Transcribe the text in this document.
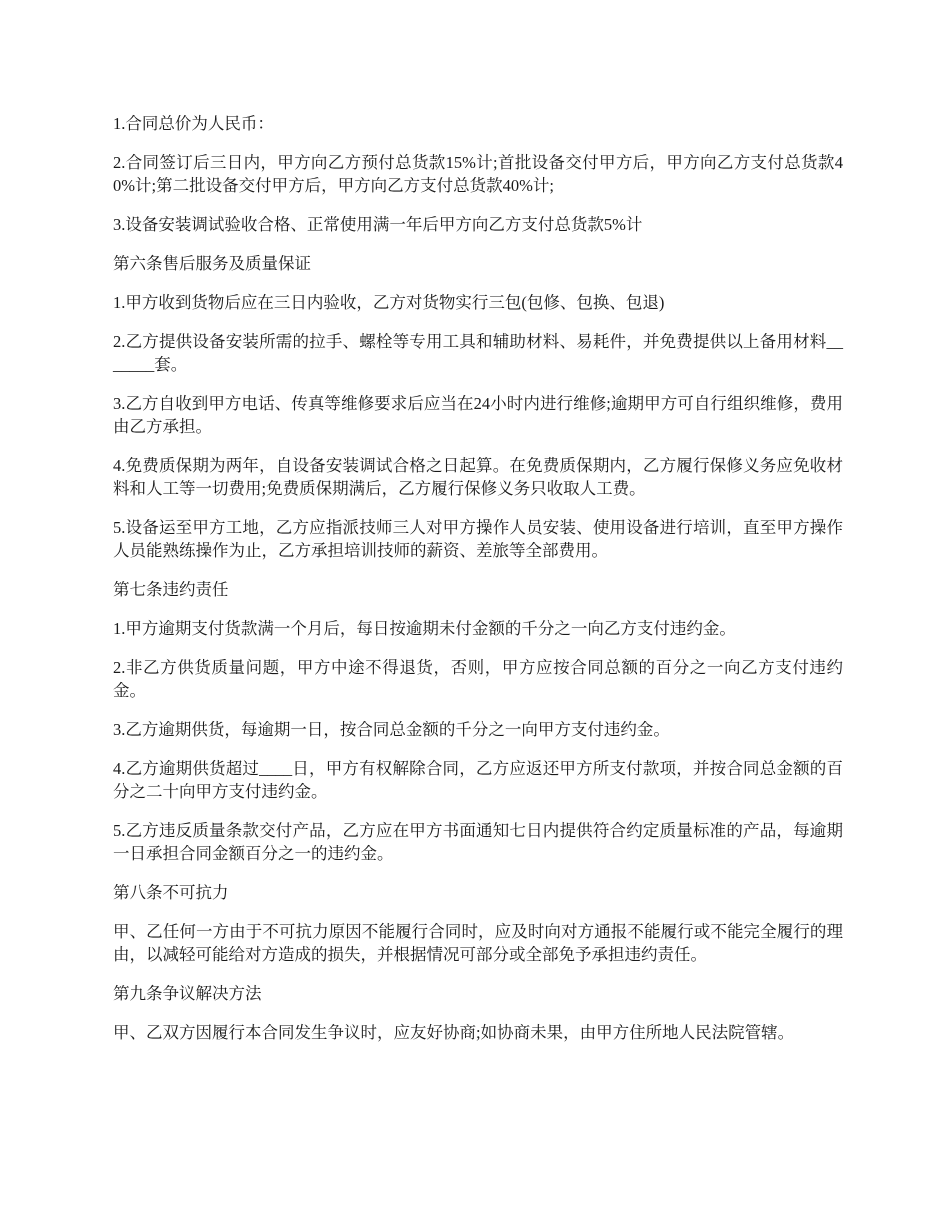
1.合同总价为人民币：

2.合同签订后三日内，甲方向乙方预付总货款15%计;首批设备交付甲方后，甲方向乙方支付总货款40%计;第二批设备交付甲方后，甲方向乙方支付总货款40%计;

3.设备安装调试验收合格、正常使用满一年后甲方向乙方支付总货款5%计

第六条售后服务及质量保证

1.甲方收到货物后应在三日内验收，乙方对货物实行三包(包修、包换、包退)

2.乙方提供设备安装所需的拉手、螺栓等专用工具和辅助材料、易耗件，并免费提供以上备用材料_______套。

3.乙方自收到甲方电话、传真等维修要求后应当在24小时内进行维修;逾期甲方可自行组织维修，费用由乙方承担。

4.免费质保期为两年，自设备安装调试合格之日起算。在免费质保期内，乙方履行保修义务应免收材料和人工等一切费用;免费质保期满后，乙方履行保修义务只收取人工费。

5.设备运至甲方工地，乙方应指派技师三人对甲方操作人员安装、使用设备进行培训，直至甲方操作人员能熟练操作为止，乙方承担培训技师的薪资、差旅等全部费用。

第七条违约责任

1.甲方逾期支付货款满一个月后，每日按逾期未付金额的千分之一向乙方支付违约金。

2.非乙方供货质量问题，甲方中途不得退货，否则，甲方应按合同总额的百分之一向乙方支付违约金。

3.乙方逾期供货，每逾期一日，按合同总金额的千分之一向甲方支付违约金。

4.乙方逾期供货超过____日，甲方有权解除合同，乙方应返还甲方所支付款项，并按合同总金额的百分之二十向甲方支付违约金。

5.乙方违反质量条款交付产品，乙方应在甲方书面通知七日内提供符合约定质量标准的产品，每逾期一日承担合同金额百分之一的违约金。

第八条不可抗力

甲、乙任何一方由于不可抗力原因不能履行合同时，应及时向对方通报不能履行或不能完全履行的理由，以减轻可能给对方造成的损失，并根据情况可部分或全部免予承担违约责任。

第九条争议解决方法

甲、乙双方因履行本合同发生争议时，应友好协商;如协商未果，由甲方住所地人民法院管辖。
